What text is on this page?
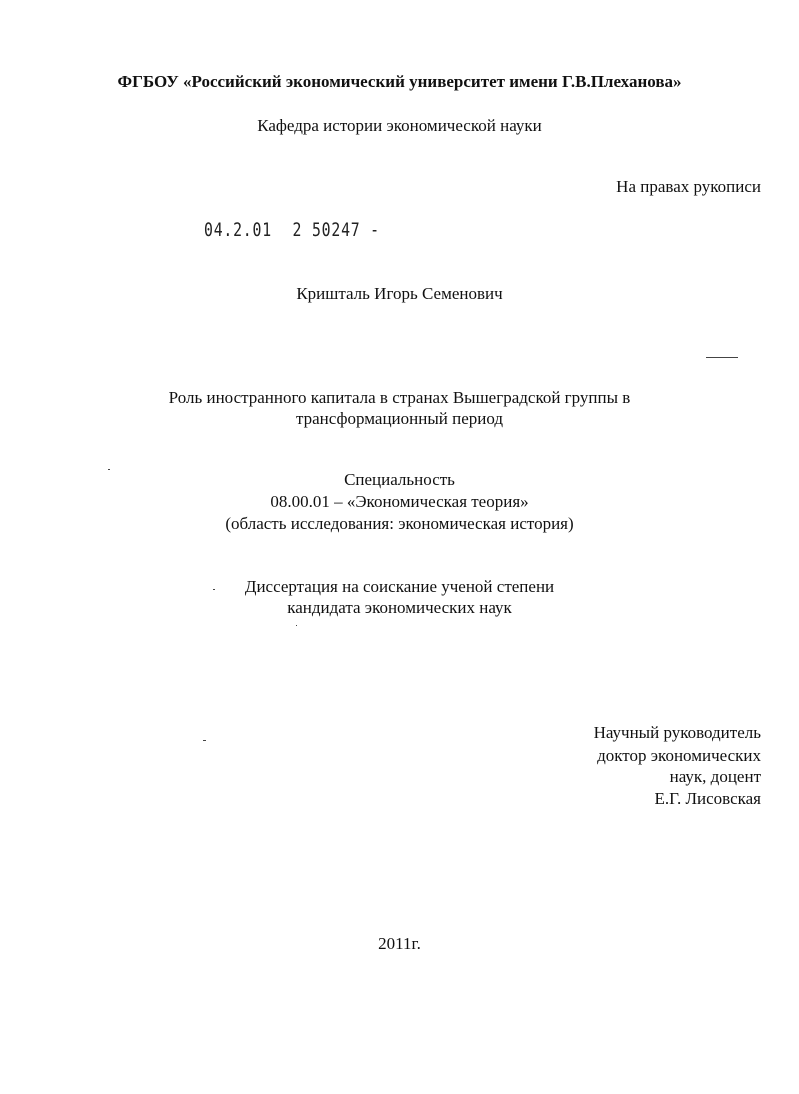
ФГБОУ «Российский экономический университет имени Г.В.Плеханова»
Кафедра истории экономической науки
На правах рукописи
04.2.01 2 50247 -
Кришталь Игорь Семенович
Роль иностранного капитала в странах Вышеградской группы в
трансформационный период
Специальность
08.00.01 – «Экономическая теория»
(область исследования: экономическая история)
Диссертация на соискание ученой степени
кандидата экономических наук
Научный руководитель
доктор экономических
наук, доцент
Е.Г. Лисовская
2011г.
